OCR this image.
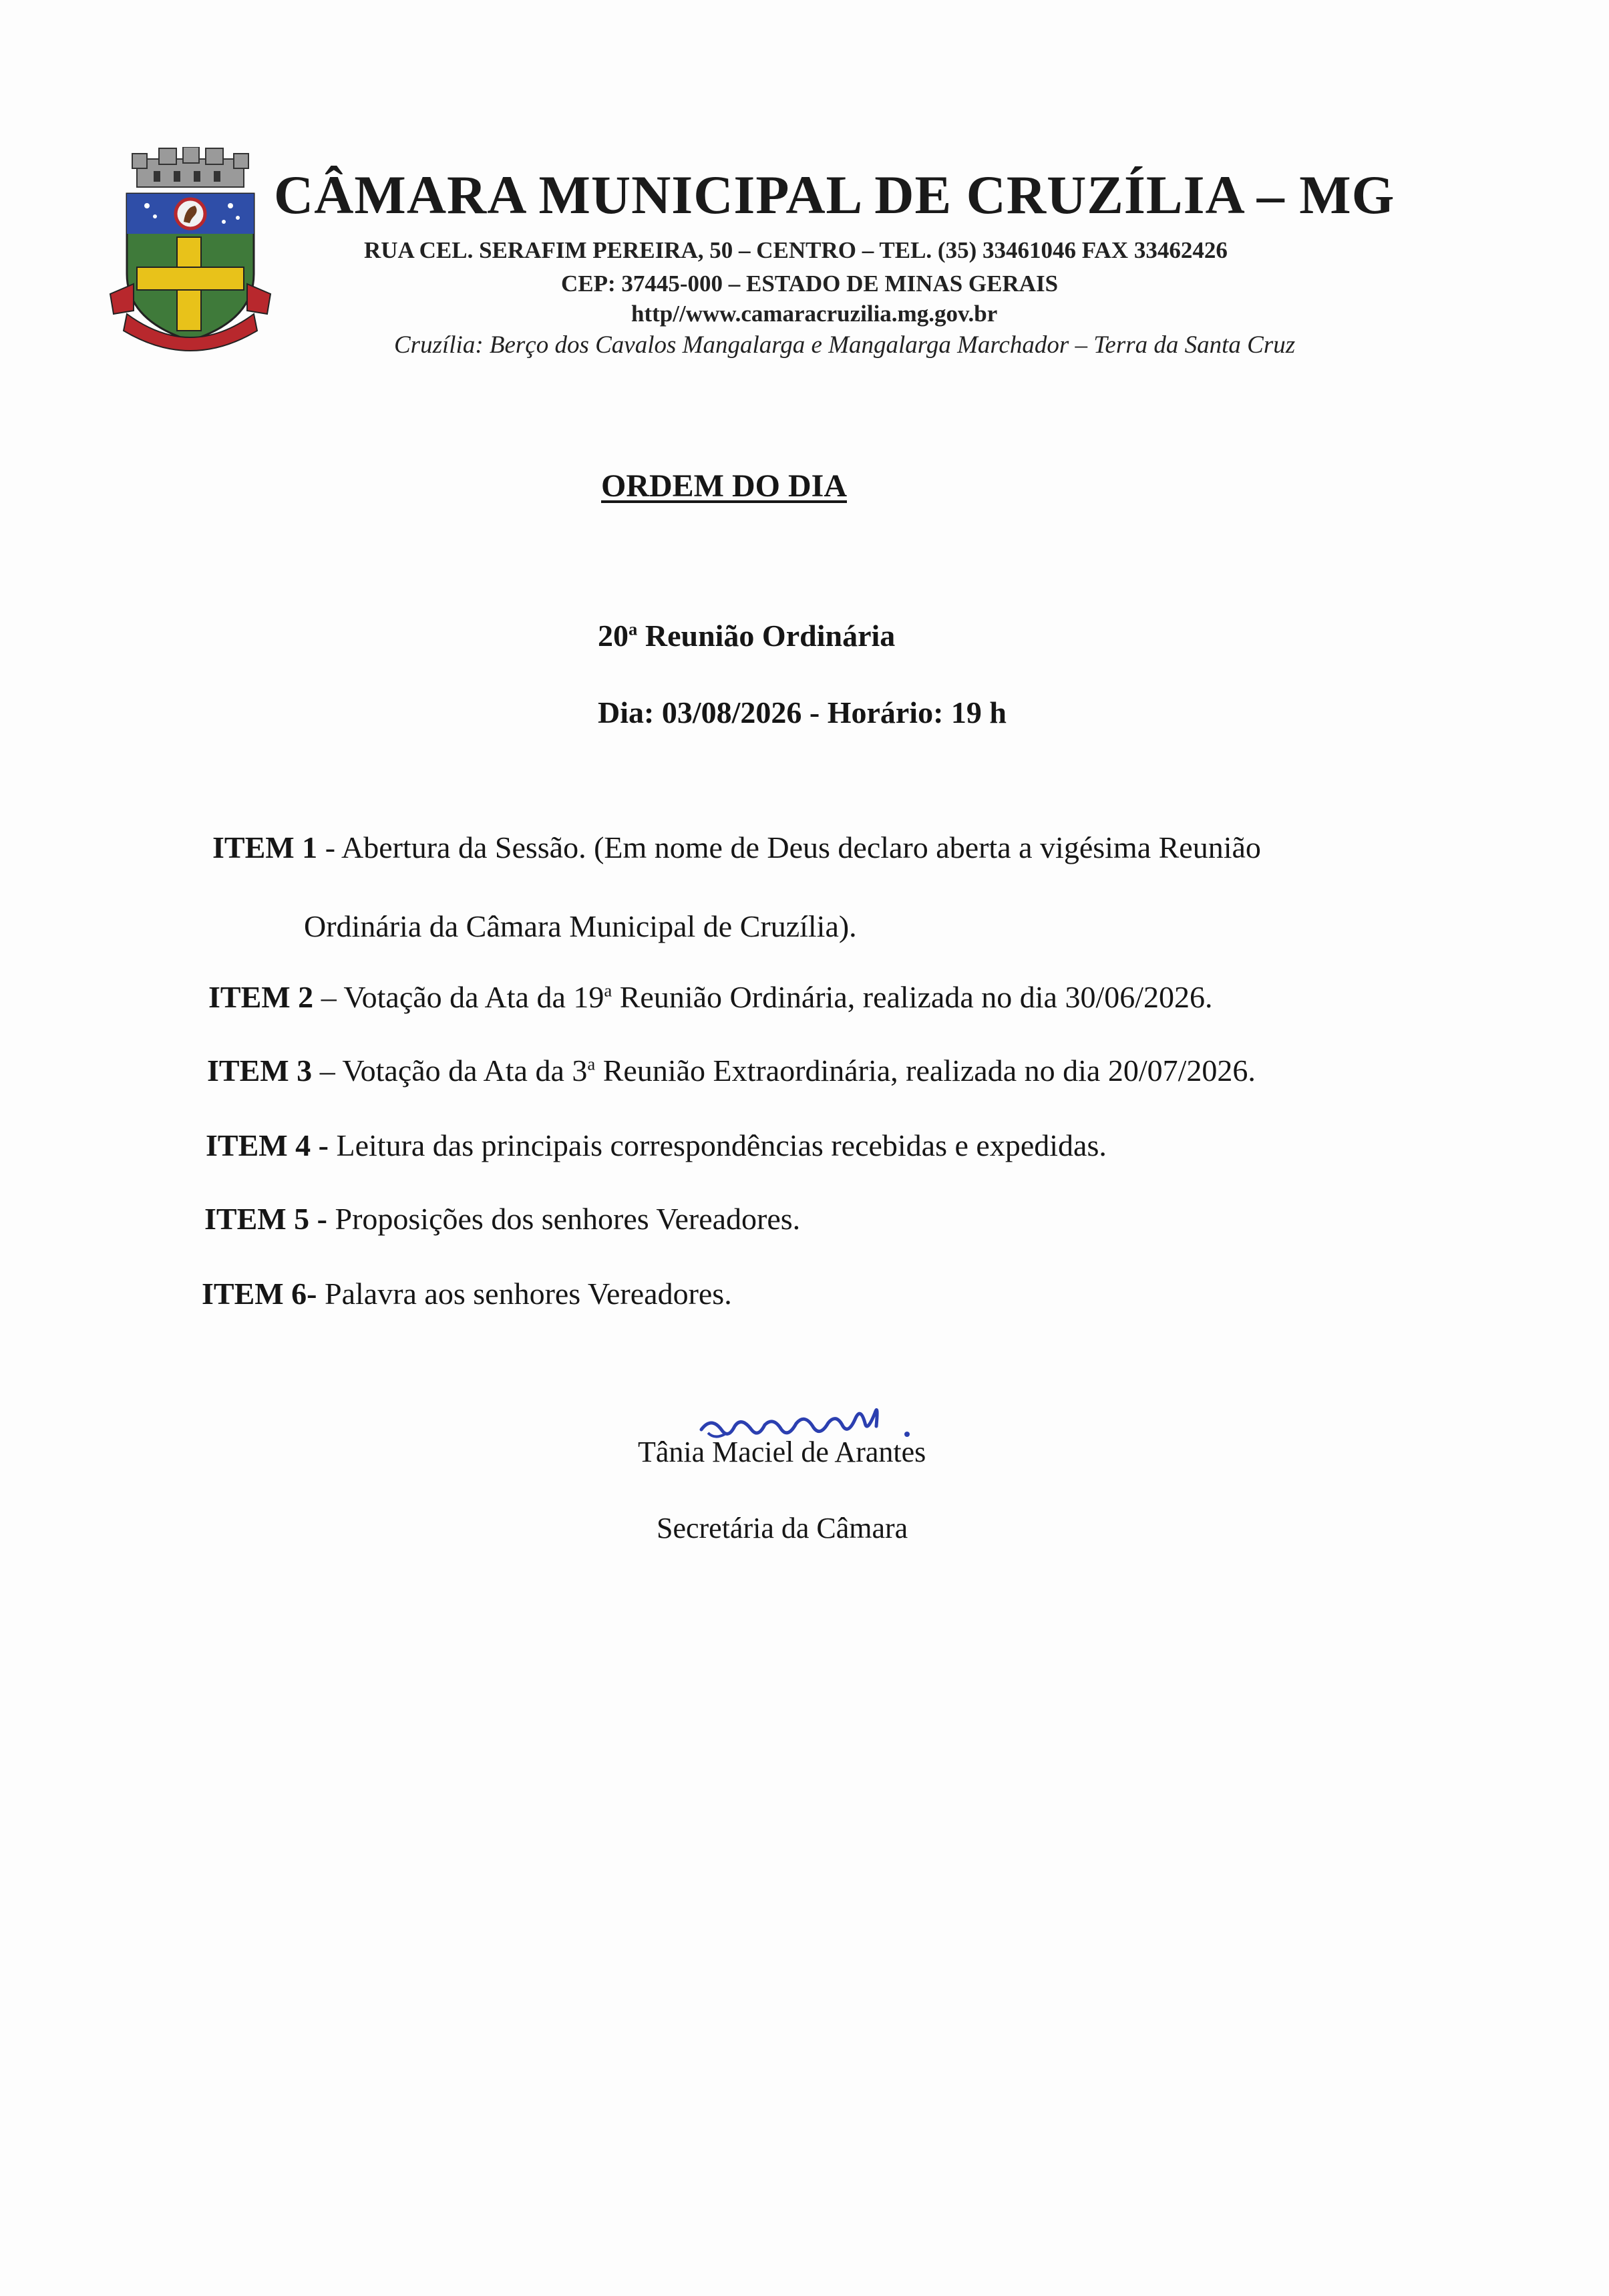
CÂMARA MUNICIPAL DE CRUZÍLIA – MG
RUA CEL. SERAFIM PEREIRA, 50 – CENTRO – TEL. (35) 33461046 FAX 33462426
CEP: 37445-000 – ESTADO DE MINAS GERAIS
http//www.camaracruzilia.mg.gov.br
Cruzília: Berço dos Cavalos Mangalarga e Mangalarga Marchador – Terra da Santa Cruz
ORDEM DO DIA
20$^a$ Reunião Ordinária
Dia: 03/08/2026 - Horário: 19 h
ITEM 1 - Abertura da Sessão. (Em nome de Deus declaro aberta a vigésima Reunião
Ordinária da Câmara Municipal de Cruzília).
ITEM 2 – Votação da Ata da 19$^a$ Reunião Ordinária, realizada no dia 30/06/2026.
ITEM 3 – Votação da Ata da 3$^a$ Reunião Extraordinária, realizada no dia 20/07/2026.
ITEM 4 - Leitura das principais correspondências recebidas e expedidas.
ITEM 5 - Proposições dos senhores Vereadores.
ITEM 6- Palavra aos senhores Vereadores.
Tânia Maciel de Arantes
Secretária da Câmara
